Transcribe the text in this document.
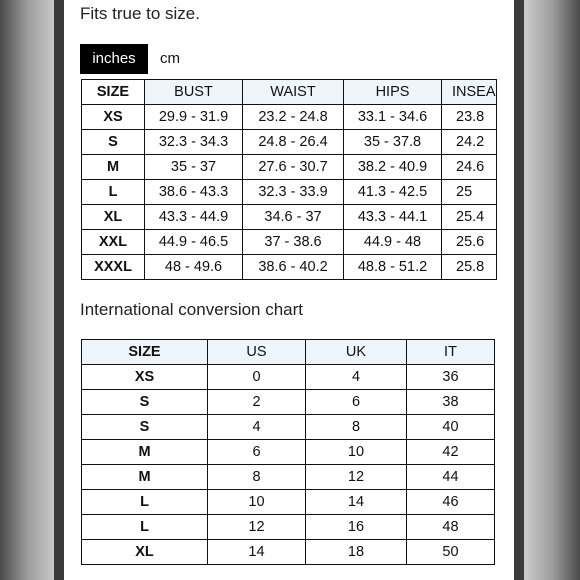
Fits true to size.
inches	cm
SIZE	BUST	WAIST	HIPS	INSEA
XS	29.9 - 31.9	23.2 - 24.8	33.1 - 34.6	23.8
S	32.3 - 34.3	24.8 - 26.4	35 - 37.8	24.2
M	35 - 37	27.6 - 30.7	38.2 - 40.9	24.6
L	38.6 - 43.3	32.3 - 33.9	41.3 - 42.5	25
XL	43.3 - 44.9	34.6 - 37	43.3 - 44.1	25.4
XXL	44.9 - 46.5	37 - 38.6	44.9 - 48	25.6
XXXL	48 - 49.6	38.6 - 40.2	48.8 - 51.2	25.8
International conversion chart
SIZE	US	UK	IT
XS	0	4	36
S	2	6	38
S	4	8	40
M	6	10	42
M	8	12	44
L	10	14	46
L	12	16	48
XL	14	18	50
